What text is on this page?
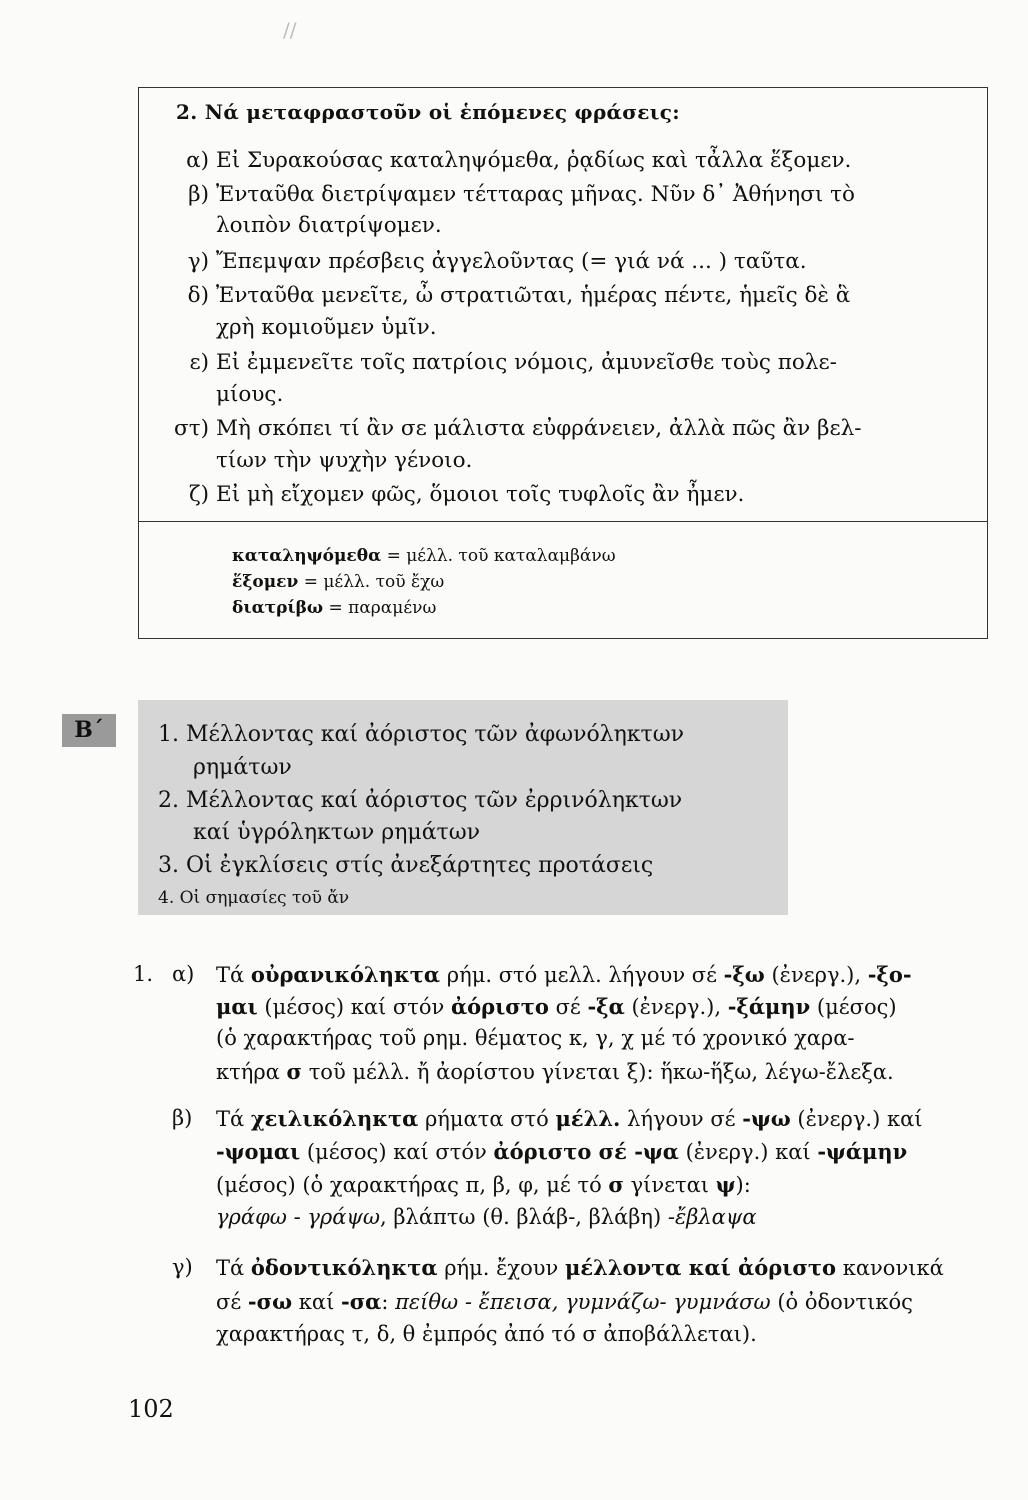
//
2. Νά μεταφραστοῦν οἱ ἑπόμενες φράσεις:
α) Εἰ Συρακούσας καταληψόμεθα, ῥᾳδίως καὶ τἆλλα ἕξομεν.
β) Ἐνταῦθα διετρίψαμεν τέτταρας μῆνας. Νῦν δ᾽ Ἀθήνησι τὸ
λοιπὸν διατρίψομεν.
γ) Ἔπεμψαν πρέσβεις ἀγγελοῦντας (= γιά νά ... ) ταῦτα.
δ) Ἐνταῦθα μενεῖτε, ὦ στρατιῶται, ἡμέρας πέντε, ἡμεῖς δὲ ἃ
χρὴ κομιοῦμεν ὑμῖν.
ε) Εἰ ἐμμενεῖτε τοῖς πατρίοις νόμοις, ἀμυνεῖσθε τοὺς πολε-
μίους.
στ) Μὴ σκόπει τί ἂν σε μάλιστα εὐφράνειεν, ἀλλὰ πῶς ἂν βελ-
τίων τὴν ψυχὴν γένοιο.
ζ) Εἰ μὴ εἴχομεν φῶς, ὅμοιοι τοῖς τυφλοῖς ἂν ἦμεν.
καταληψόμεθα = μέλλ. τοῦ καταλαμβάνω
ἕξομεν = μέλλ. τοῦ ἔχω
διατρίβω = παραμένω
Β΄	1. Μέλλοντας καί ἀόριστος τῶν ἀφωνόληκτων
ρημάτων
2. Μέλλοντας καί ἀόριστος τῶν ἐρρινόληκτων
καί ὑγρόληκτων ρημάτων
3. Οἱ ἐγκλίσεις στίς ἀνεξάρτητες προτάσεις
4. Οἱ σημασίες τοῦ ἄν
1. α) Τά οὐρανικόληκτα ρήμ. στό μελλ. λήγουν σέ -ξω (ἐνεργ.), -ξο-
μαι (μέσος) καί στόν ἀόριστο σέ -ξα (ἐνεργ.), -ξάμην (μέσος)
(ὁ χαρακτήρας τοῦ ρημ. θέματος κ, γ, χ μέ τό χρονικό χαρα-
κτήρα σ τοῦ μέλλ. ἤ ἀορίστου γίνεται ξ): ἥκω-ἥξω, λέγω-ἔλεξα.
β) Τά χειλικόληκτα ρήματα στό μέλλ. λήγουν σέ -ψω (ἐνεργ.) καί
-ψομαι (μέσος) καί στόν ἀόριστο σέ -ψα (ἐνεργ.) καί -ψάμην
(μέσος) (ὁ χαρακτήρας π, β, φ, μέ τό σ γίνεται ψ):
γράφω - γράψω, βλάπτω (θ. βλάβ-, βλάβη) -ἔβλαψα
γ) Τά ὀδοντικόληκτα ρήμ. ἔχουν μέλλοντα καί ἀόριστο κανονικά
σέ -σω καί -σα: πείθω - ἔπεισα, γυμνάζω- γυμνάσω (ὁ ὀδοντικός
χαρακτήρας τ, δ, θ ἐμπρός ἀπό τό σ ἀποβάλλεται).
102
